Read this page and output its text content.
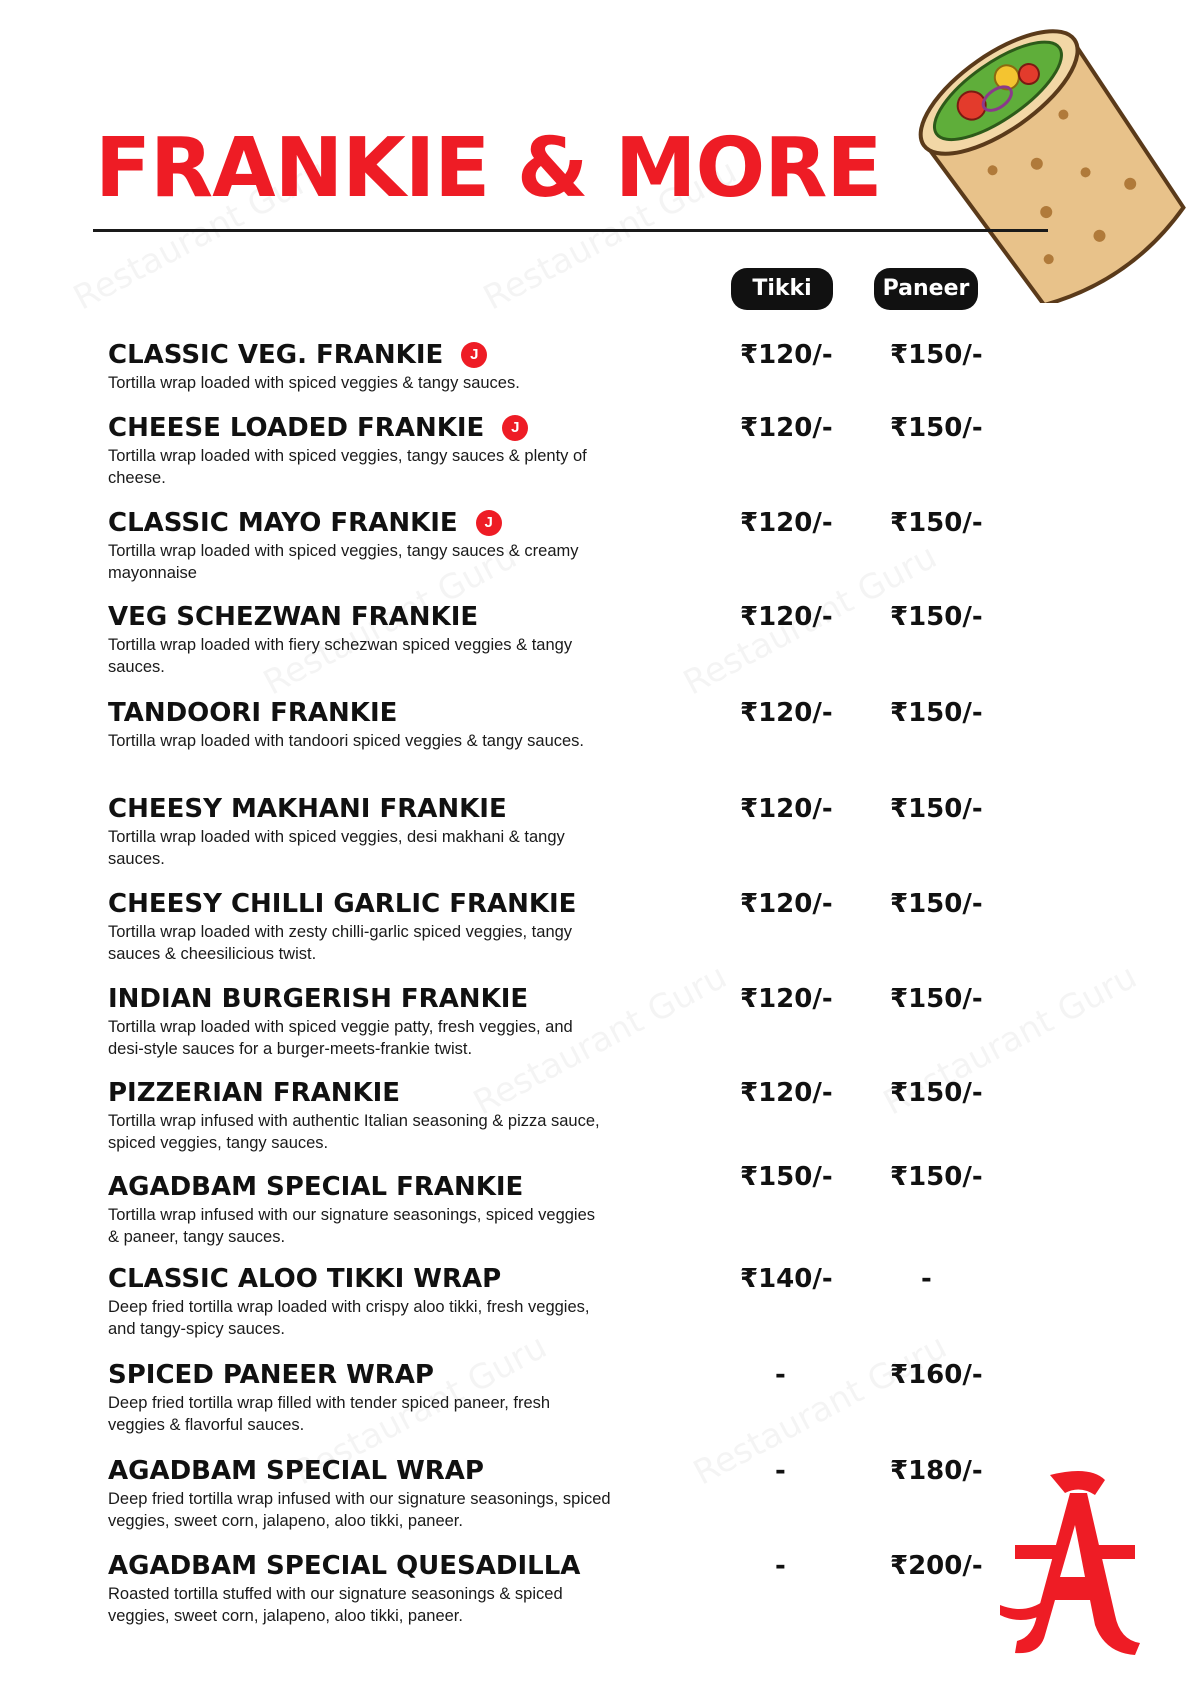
FRANKIE & MORE
Tikki	Paneer
CLASSIC VEG. FRANKIE	J
Tortilla wrap loaded with spiced veggies & tangy sauces.
₹120/- ₹150/-
CHEESE LOADED FRANKIE	J
Tortilla wrap loaded with spiced veggies, tangy sauces & plenty of cheese.
₹120/- ₹150/-
CLASSIC MAYO FRANKIE	J
Tortilla wrap loaded with spiced veggies, tangy sauces & creamy mayonnaise
₹120/- ₹150/-
VEG SCHEZWAN FRANKIE
Tortilla wrap loaded with fiery schezwan spiced veggies & tangy sauces.
₹120/- ₹150/-
TANDOORI FRANKIE
Tortilla wrap loaded with tandoori spiced veggies & tangy sauces.
₹120/- ₹150/-
CHEESY MAKHANI FRANKIE
Tortilla wrap loaded with spiced veggies, desi makhani & tangy sauces.
₹120/- ₹150/-
CHEESY CHILLI GARLIC FRANKIE
Tortilla wrap loaded with zesty chilli-garlic spiced veggies, tangy sauces & cheesilicious twist.
₹120/- ₹150/-
INDIAN BURGERISH FRANKIE
Tortilla wrap loaded with spiced veggie patty, fresh veggies, and desi-style sauces for a burger-meets-frankie twist.
₹120/- ₹150/-
PIZZERIAN FRANKIE
Tortilla wrap infused with authentic Italian seasoning & pizza sauce, spiced veggies, tangy sauces.
₹120/- ₹150/-
AGADBAM SPECIAL FRANKIE
Tortilla wrap infused with our signature seasonings, spiced veggies & paneer, tangy sauces.
₹150/- ₹150/-
CLASSIC ALOO TIKKI WRAP
Deep fried tortilla wrap loaded with crispy aloo tikki, fresh veggies, and tangy-spicy sauces.
₹140/-	-
SPICED PANEER WRAP
Deep fried tortilla wrap filled with tender spiced paneer, fresh veggies & flavorful sauces.
-	₹160/-
AGADBAM SPECIAL WRAP
Deep fried tortilla wrap infused with our signature seasonings, spiced veggies, sweet corn, jalapeno, aloo tikki, paneer.
-	₹180/-
AGADBAM SPECIAL QUESADILLA
Roasted tortilla stuffed with our signature seasonings & spiced veggies, sweet corn, jalapeno, aloo tikki, paneer.
-	₹200/-
